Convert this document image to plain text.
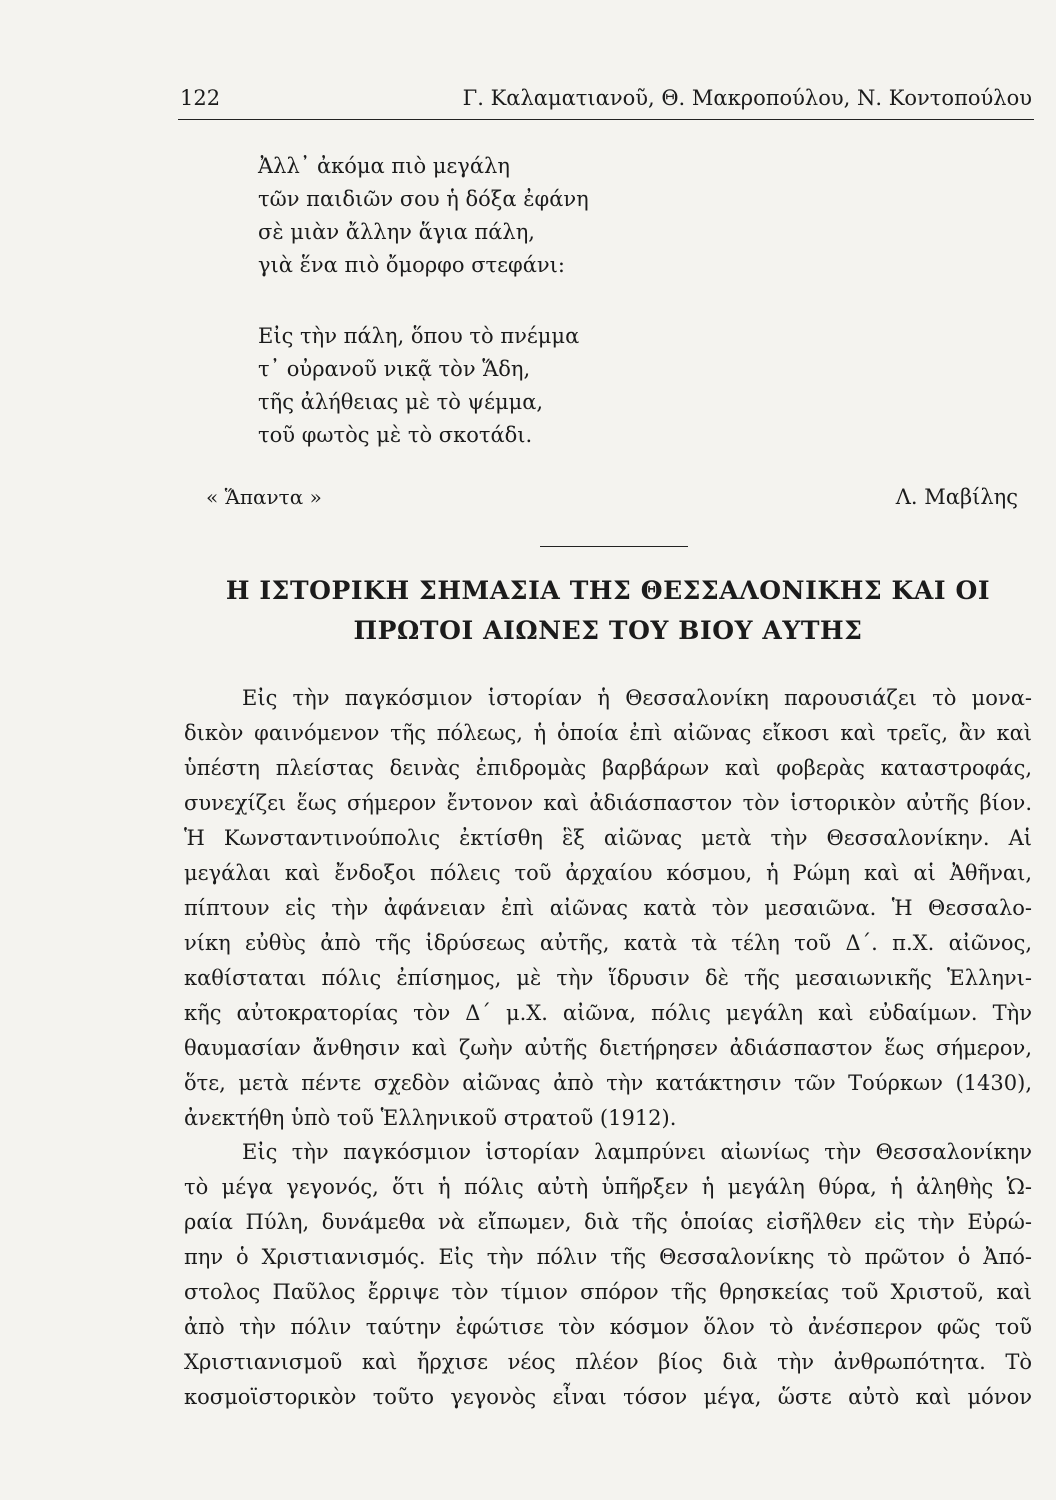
122	Γ. Καλαματιανοῦ, Θ. Μακροπούλου, Ν. Κοντοπούλου
Ἀλλ᾽ ἀκόμα πιὸ μεγάλη
τῶν παιδιῶν σου ἡ δόξα ἐφάνη
σὲ μιὰν ἄλλην ἅγια πάλη,
γιὰ ἕνα πιὸ ὄμορφο στεφάνι:
Εἰς τὴν πάλη, ὅπου τὸ πνέμμα
τ᾽ οὐρανοῦ νικᾷ τὸν Ἅδη,
τῆς ἀλήθειας μὲ τὸ ψέμμα,
τοῦ φωτὸς μὲ τὸ σκοτάδι.
« Ἅπαντα »	Λ. Μαβίλης
Η ΙΣΤΟΡΙΚΗ ΣΗΜΑΣΙΑ ΤΗΣ ΘΕΣΣΑΛΟΝΙΚΗΣ ΚΑΙ ΟΙ
ΠΡΩΤΟΙ ΑΙΩΝΕΣ ΤΟΥ ΒΙΟΥ ΑΥΤΗΣ
Εἰς τὴν παγκόσμιον ἱστορίαν ἡ Θεσσαλονίκη παρουσιάζει τὸ μονα-
δικὸν φαινόμενον τῆς πόλεως, ἡ ὁποία ἐπὶ αἰῶνας εἴκοσι καὶ τρεῖς, ἂν καὶ
ὑπέστη πλείστας δεινὰς ἐπιδρομὰς βαρβάρων καὶ φοβερὰς καταστροφάς,
συνεχίζει ἕως σήμερον ἔντονον καὶ ἀδιάσπαστον τὸν ἱστορικὸν αὐτῆς βίον.
Ἡ Κωνσταντινούπολις ἐκτίσθη ἓξ αἰῶνας μετὰ τὴν Θεσσαλονίκην. Αἱ
μεγάλαι καὶ ἔνδοξοι πόλεις τοῦ ἀρχαίου κόσμου, ἡ Ρώμη καὶ αἱ Ἀθῆναι,
πίπτουν εἰς τὴν ἀφάνειαν ἐπὶ αἰῶνας κατὰ τὸν μεσαιῶνα. Ἡ Θεσσαλο-
νίκη εὐθὺς ἀπὸ τῆς ἱδρύσεως αὐτῆς, κατὰ τὰ τέλη τοῦ Δ΄. π.Χ. αἰῶνος,
καθίσταται πόλις ἐπίσημος, μὲ τὴν ἵδρυσιν δὲ τῆς μεσαιωνικῆς Ἑλληνι-
κῆς αὐτοκρατορίας τὸν Δ΄ μ.Χ. αἰῶνα, πόλις μεγάλη καὶ εὐδαίμων. Τὴν
θαυμασίαν ἄνθησιν καὶ ζωὴν αὐτῆς διετήρησεν ἀδιάσπαστον ἕως σήμερον,
ὅτε, μετὰ πέντε σχεδὸν αἰῶνας ἀπὸ τὴν κατάκτησιν τῶν Τούρκων (1430),
ἀνεκτήθη ὑπὸ τοῦ Ἑλληνικοῦ στρατοῦ (1912).
Εἰς τὴν παγκόσμιον ἱστορίαν λαμπρύνει αἰωνίως τὴν Θεσσαλονίκην
τὸ μέγα γεγονός, ὅτι ἡ πόλις αὐτὴ ὑπῆρξεν ἡ μεγάλη θύρα, ἡ ἀληθὴς Ὡ-
ραία Πύλη, δυνάμεθα νὰ εἴπωμεν, διὰ τῆς ὁποίας εἰσῆλθεν εἰς τὴν Εὐρώ-
πην ὁ Χριστιανισμός. Εἰς τὴν πόλιν τῆς Θεσσαλονίκης τὸ πρῶτον ὁ Ἀπό-
στολος Παῦλος ἔρριψε τὸν τίμιον σπόρον τῆς θρησκείας τοῦ Χριστοῦ, καὶ
ἀπὸ τὴν πόλιν ταύτην ἐφώτισε τὸν κόσμον ὅλον τὸ ἀνέσπερον φῶς τοῦ
Χριστιανισμοῦ καὶ ἤρχισε νέος πλέον βίος διὰ τὴν ἀνθρωπότητα. Τὸ
κοσμοϊστορικὸν τοῦτο γεγονὸς εἶναι τόσον μέγα, ὥστε αὐτὸ καὶ μόνον
